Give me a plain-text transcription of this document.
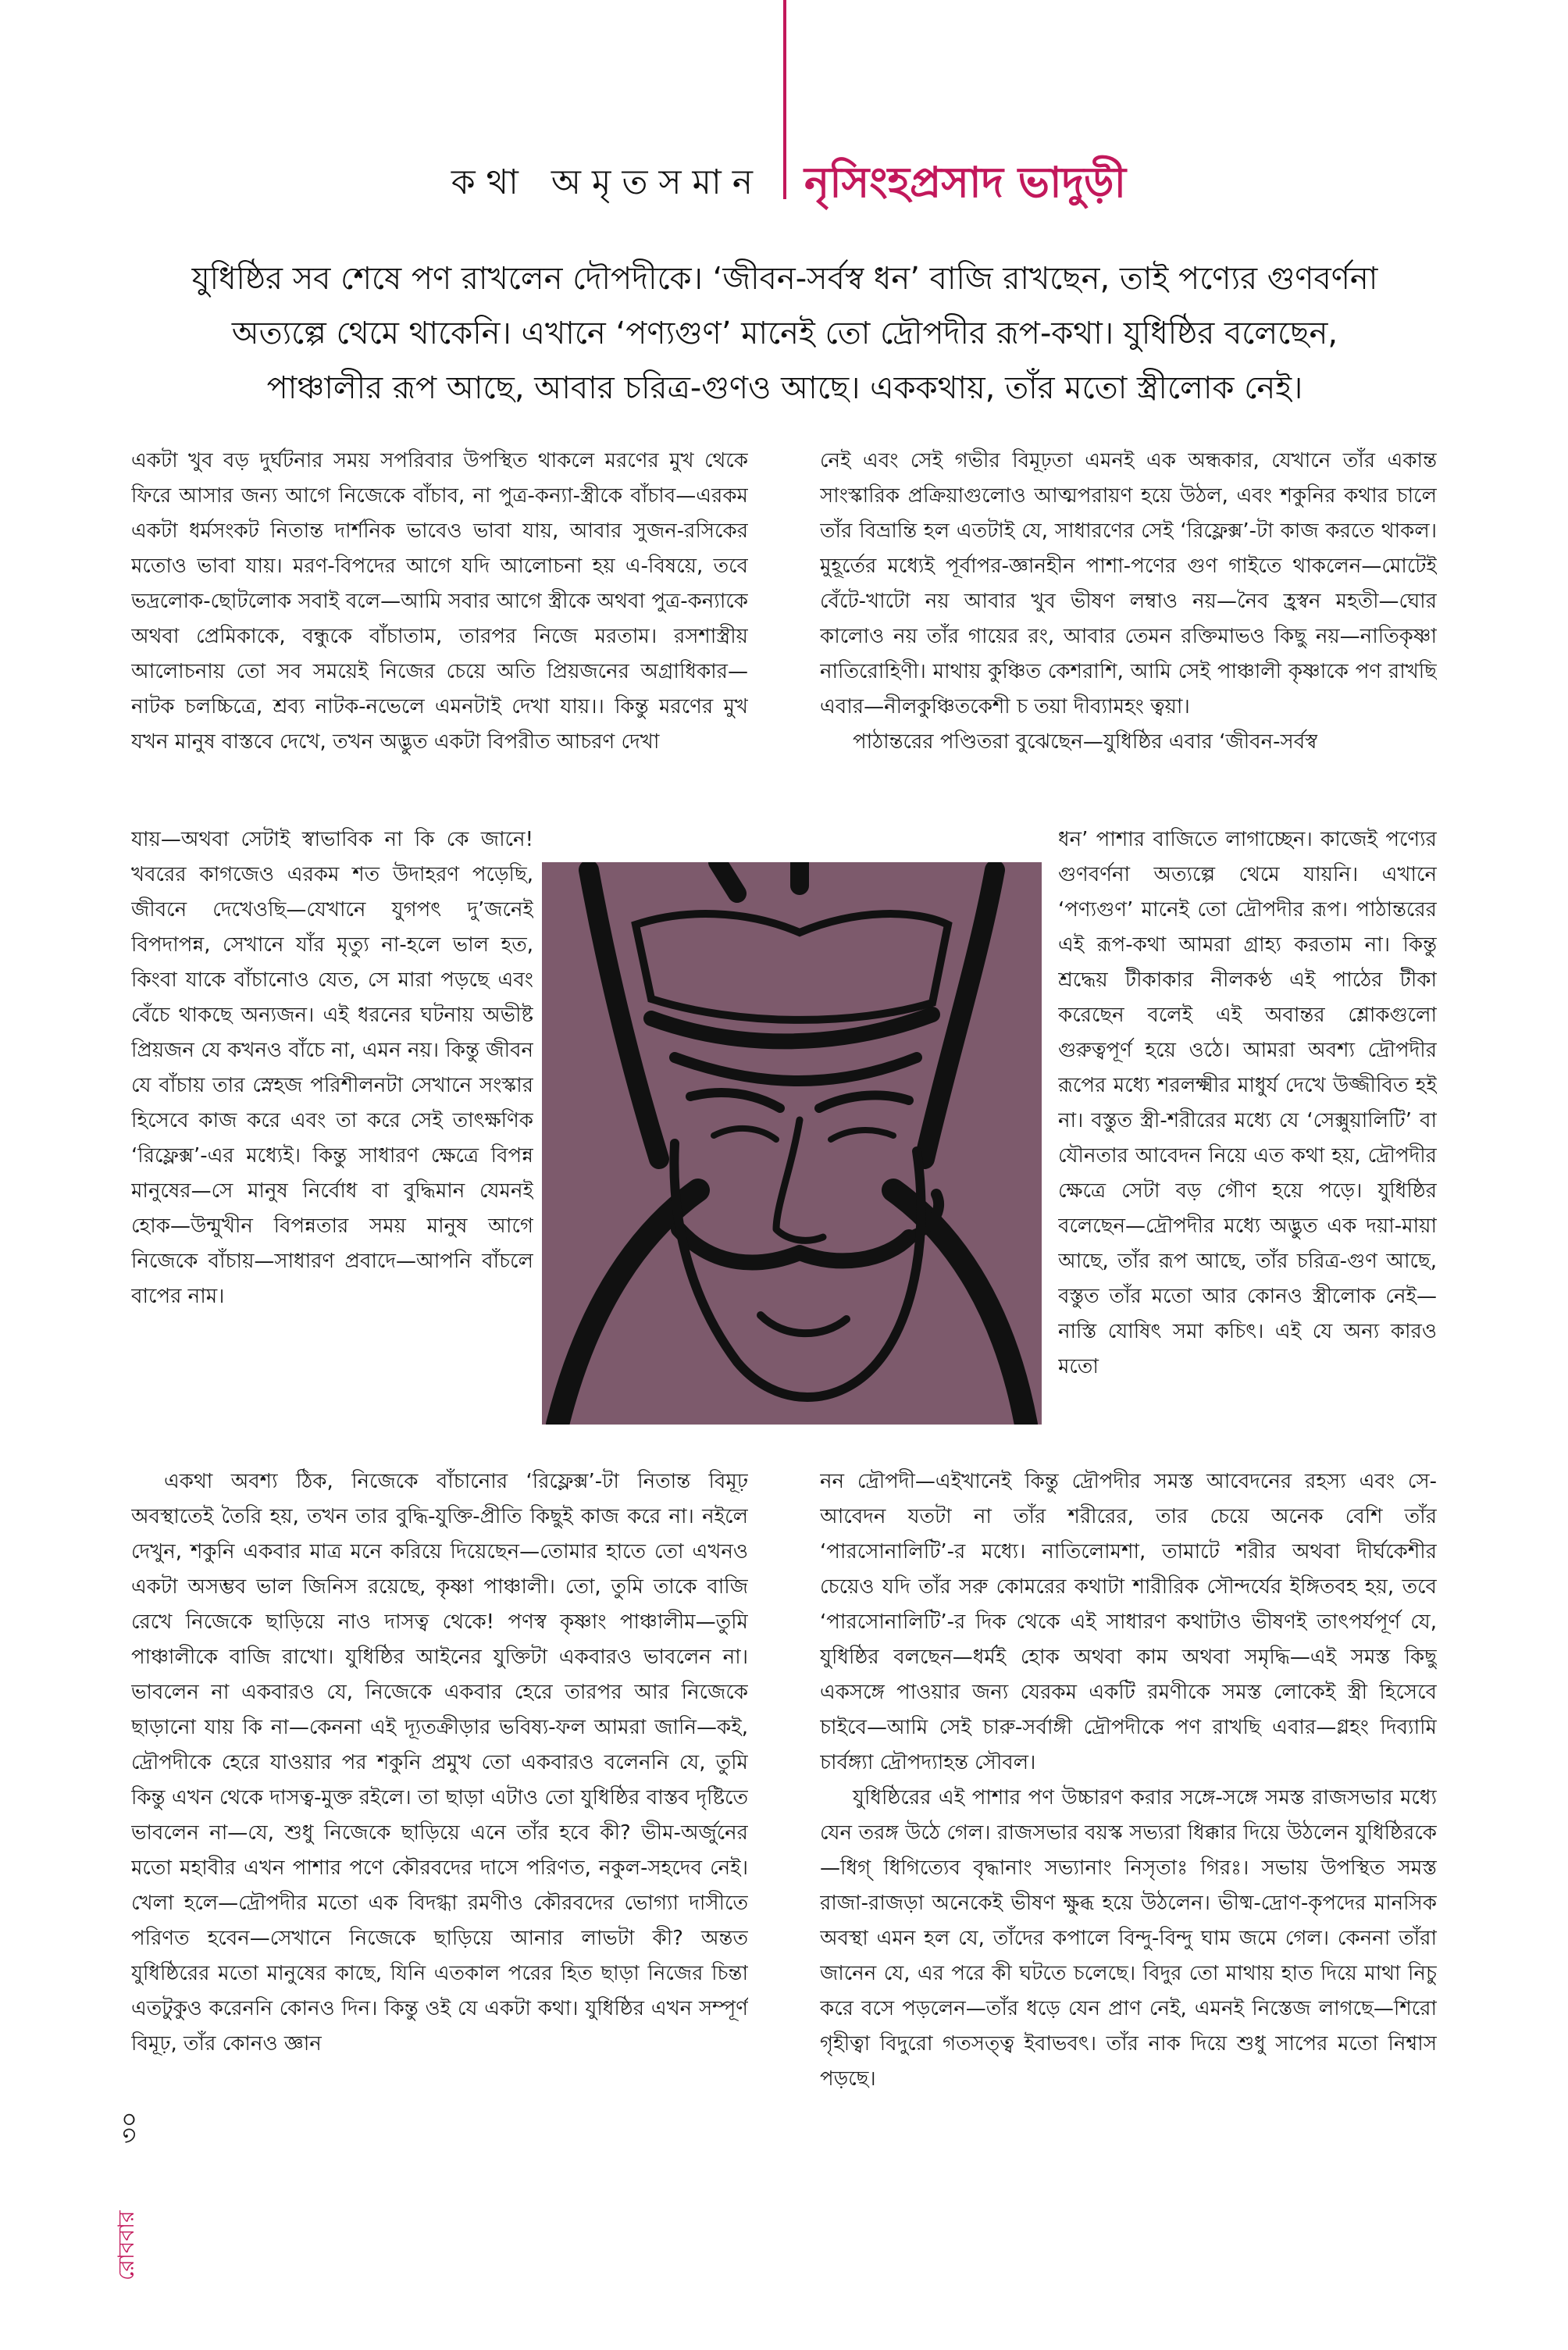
কথা অমৃতসমান নৃসিংহপ্রসাদ ভাদুড়ী
যুধিষ্ঠির সব শেষে পণ রাখলেন দৌপদীকে। ‘জীবন-সর্বস্ব ধন’ বাজি রাখছেন, তাই পণ্যের গুণবর্ণনা অত্যল্পে থেমে থাকেনি। এখানে ‘পণ্যগুণ’ মানেই তো দ্রৌপদীর রূপ-কথা। যুধিষ্ঠির বলেছেন, পাঞ্চালীর রূপ আছে, আবার চরিত্র-গুণও আছে। এককথায়, তাঁর মতো স্ত্রীলোক নেই।

একটা খুব বড় দুর্ঘটনার সময় সপরিবার উপস্থিত থাকলে মরণের মুখ থেকে ফিরে আসার জন্য আগে নিজেকে বাঁচাব, না পুত্র-কন্যা-স্ত্রীকে বাঁচাব—এরকম একটা ধর্মসংকট নিতান্ত দার্শনিক ভাবেও ভাবা যায়, আবার সুজন-রসিকের মতোও ভাবা যায়। মরণ-বিপদের আগে যদি আলোচনা হয় এ-বিষয়ে, তবে ভদ্রলোক-ছোটলোক সবাই বলে—আমি সবার আগে স্ত্রীকে অথবা পুত্র-কন্যাকে অথবা প্রেমিকাকে, বন্ধুকে বাঁচাতাম, তারপর নিজে মরতাম। রসশাস্ত্রীয় আলোচনায় তো সব সময়েই নিজের চেয়ে অতি প্রিয়জনের অগ্রাধিকার—নাটক চলচ্চিত্রে, শ্রব্য নাটক-নভেলে এমনটাই দেখা যায়।। কিন্তু মরণের মুখ যখন মানুষ বাস্তবে দেখে, তখন অদ্ভুত একটা বিপরীত আচরণ দেখা

যায়—অথবা সেটাই স্বাভাবিক না কি কে জানে! খবরের কাগজেও এরকম শত উদাহরণ পড়েছি, জীবনে দেখেওছি—যেখানে যুগপৎ দু’জনেই বিপদাপন্ন, সেখানে যাঁর মৃত্যু না-হলে ভাল হত, কিংবা যাকে বাঁচানোও যেত, সে মারা পড়ছে এবং বেঁচে থাকছে অন্যজন। এই ধরনের ঘটনায় অভীষ্ট প্রিয়জন যে কখনও বাঁচে না, এমন নয়। কিন্তু জীবন যে বাঁচায় তার স্নেহজ পরিশীলনটা সেখানে সংস্কার হিসেবে কাজ করে এবং তা করে সেই তাৎক্ষণিক ‘রিফ্লেক্স’-এর মধ্যেই। কিন্তু সাধারণ ক্ষেত্রে বিপন্ন মানুষের—সে মানুষ নির্বোধ বা বুদ্ধিমান যেমনই হোক—উন্মুখীন বিপন্নতার সময় মানুষ আগে নিজেকে বাঁচায়—সাধারণ প্রবাদে—আপনি বাঁচলে বাপের নাম।

একথা অবশ্য ঠিক, নিজেকে বাঁচানোর ‘রিফ্লেক্স’-টা নিতান্ত বিমূঢ় অবস্থাতেই তৈরি হয়, তখন তার বুদ্ধি-যুক্তি-প্রীতি কিছুই কাজ করে না। নইলে দেখুন, শকুনি একবার মাত্র মনে করিয়ে দিয়েছেন—তোমার হাতে তো এখনও একটা অসম্ভব ভাল জিনিস রয়েছে, কৃষ্ণা পাঞ্চালী। তো, তুমি তাকে বাজি রেখে নিজেকে ছাড়িয়ে নাও দাসত্ব থেকে! পণস্ব কৃষ্ণাং পাঞ্চালীম—তুমি পাঞ্চালীকে বাজি রাখো। যুধিষ্ঠির আইনের যুক্তিটা একবারও ভাবলেন না। ভাবলেন না একবারও যে, নিজেকে একবার হেরে তারপর আর নিজেকে ছাড়ানো যায় কি না—কেননা এই দ্যূতক্রীড়ার ভবিষ্য-ফল আমরা জানি—কই, দ্রৌপদীকে হেরে যাওয়ার পর শকুনি প্রমুখ তো একবারও বলেননি যে, তুমি কিন্তু এখন থেকে দাসত্ব-মুক্ত রইলে। তা ছাড়া এটাও তো যুধিষ্ঠির বাস্তব দৃষ্টিতে ভাবলেন না—যে, শুধু নিজেকে ছাড়িয়ে এনে তাঁর হবে কী? ভীম-অর্জুনের মতো মহাবীর এখন পাশার পণে কৌরবদের দাসে পরিণত, নকুল-সহদেব নেই। খেলা হলে—দ্রৌপদীর মতো এক বিদগ্ধা রমণীও কৌরবদের ভোগ্যা দাসীতে পরিণত হবেন—সেখানে নিজেকে ছাড়িয়ে আনার লাভটা কী? অন্তত যুধিষ্ঠিরের মতো মানুষের কাছে, যিনি এতকাল পরের হিত ছাড়া নিজের চিন্তা এতটুকুও করেননি কোনও দিন। কিন্তু ওই যে একটা কথা। যুধিষ্ঠির এখন সম্পূর্ণ বিমূঢ়, তাঁর কোনও জ্ঞান

নেই এবং সেই গভীর বিমূঢ়তা এমনই এক অন্ধকার, যেখানে তাঁর একান্ত সাংস্কারিক প্রক্রিয়াগুলোও আত্মপরায়ণ হয়ে উঠল, এবং শকুনির কথার চালে তাঁর বিভ্রান্তি হল এতটাই যে, সাধারণের সেই ‘রিফ্লেক্স’-টা কাজ করতে থাকল। মুহূর্তের মধ্যেই পূর্বাপর-জ্ঞানহীন পাশা-পণের গুণ গাইতে থাকলেন—মোটেই বেঁটে-খাটো নয় আবার খুব ভীষণ লম্বাও নয়—নৈব হ্রস্বন মহতী—ঘোর কালোও নয় তাঁর গায়ের রং, আবার তেমন রক্তিমাভও কিছু নয়—নাতিকৃষ্ণা নাতিরোহিণী। মাথায় কুঞ্চিত কেশরাশি, আমি সেই পাঞ্চালী কৃষ্ণাকে পণ রাখছি এবার—নীলকুঞ্চিতকেশী চ তয়া দীব্যামহং ত্বয়া।

পাঠান্তরের পণ্ডিতরা বুঝেছেন—যুধিষ্ঠির এবার ‘জীবন-সর্বস্ব

ধন’ পাশার বাজিতে লাগাচ্ছেন। কাজেই পণ্যের গুণবর্ণনা অত্যল্পে থেমে যায়নি। এখানে ‘পণ্যগুণ’ মানেই তো দ্রৌপদীর রূপ। পাঠান্তরের এই রূপ-কথা আমরা গ্রাহ্য করতাম না। কিন্তু শ্রদ্ধেয় টীকাকার নীলকণ্ঠ এই পাঠের টীকা করেছেন বলেই এই অবান্তর শ্লোকগুলো গুরুত্বপূর্ণ হয়ে ওঠে। আমরা অবশ্য দ্রৌপদীর রূপের মধ্যে শরলক্ষ্মীর মাধুর্য দেখে উজ্জীবিত হই না। বস্তুত স্ত্রী-শরীরের মধ্যে যে ‘সেক্সুয়ালিটি’ বা যৌনতার আবেদন নিয়ে এত কথা হয়, দ্রৌপদীর ক্ষেত্রে সেটা বড় গৌণ হয়ে পড়ে। যুধিষ্ঠির বলেছেন—দ্রৌপদীর মধ্যে অদ্ভুত এক দয়া-মায়া আছে, তাঁর রূপ আছে, তাঁর চরিত্র-গুণ আছে, বস্তুত তাঁর মতো আর কোনও স্ত্রীলোক নেই—নাস্তি যোষিৎ সমা কচিৎ। এই যে অন্য কারও মতো

নন দ্রৌপদী—এইখানেই কিন্তু দ্রৌপদীর সমস্ত আবেদনের রহস্য এবং সে-আবেদন যতটা না তাঁর শরীরের, তার চেয়ে অনেক বেশি তাঁর ‘পারসোনালিটি’-র মধ্যে। নাতিলোমশা, তামাটে শরীর অথবা দীর্ঘকেশীর চেয়েও যদি তাঁর সরু কোমরের কথাটা শারীরিক সৌন্দর্যের ইঙ্গিতবহ হয়, তবে ‘পারসোনালিটি’-র দিক থেকে এই সাধারণ কথাটাও ভীষণই তাৎপর্যপূর্ণ যে, যুধিষ্ঠির বলছেন—ধর্মই হোক অথবা কাম অথবা সমৃদ্ধি—এই সমস্ত কিছু একসঙ্গে পাওয়ার জন্য যেরকম একটি রমণীকে সমস্ত লোকেই স্ত্রী হিসেবে চাইবে—আমি সেই চারু-সর্বাঙ্গী দ্রৌপদীকে পণ রাখছি এবার—গ্লহং দিব্যামি চার্বঙ্গ্যা দ্রৌপদ্যাহন্ত সৌবল।

যুধিষ্ঠিরের এই পাশার পণ উচ্চারণ করার সঙ্গে-সঙ্গে সমস্ত রাজসভার মধ্যে যেন তরঙ্গ উঠে গেল। রাজসভার বয়স্ক সভ্যরা ধিক্কার দিয়ে উঠলেন যুধিষ্ঠিরকে—ধিগ্ ধিগিত্যেব বৃদ্ধানাং সভ্যানাং নিসৃতাঃ গিরঃ। সভায় উপস্থিত সমস্ত রাজা-রাজড়া অনেকেই ভীষণ ক্ষুব্ধ হয়ে উঠলেন। ভীষ্ম-দ্রোণ-কৃপদের মানসিক অবস্থা এমন হল যে, তাঁদের কপালে বিন্দু-বিন্দু ঘাম জমে গেল। কেননা তাঁরা জানেন যে, এর পরে কী ঘটতে চলেছে। বিদুর তো মাথায় হাত দিয়ে মাথা নিচু করে বসে পড়লেন—তাঁর ধড়ে যেন প্রাণ নেই, এমনই নিস্তেজ লাগছে—শিরো গৃহীত্বা বিদুরো গতসত্ত্ব ইবাভবৎ। তাঁর নাক দিয়ে শুধু সাপের মতো নিশ্বাস পড়ছে।

৩০
রোববার
